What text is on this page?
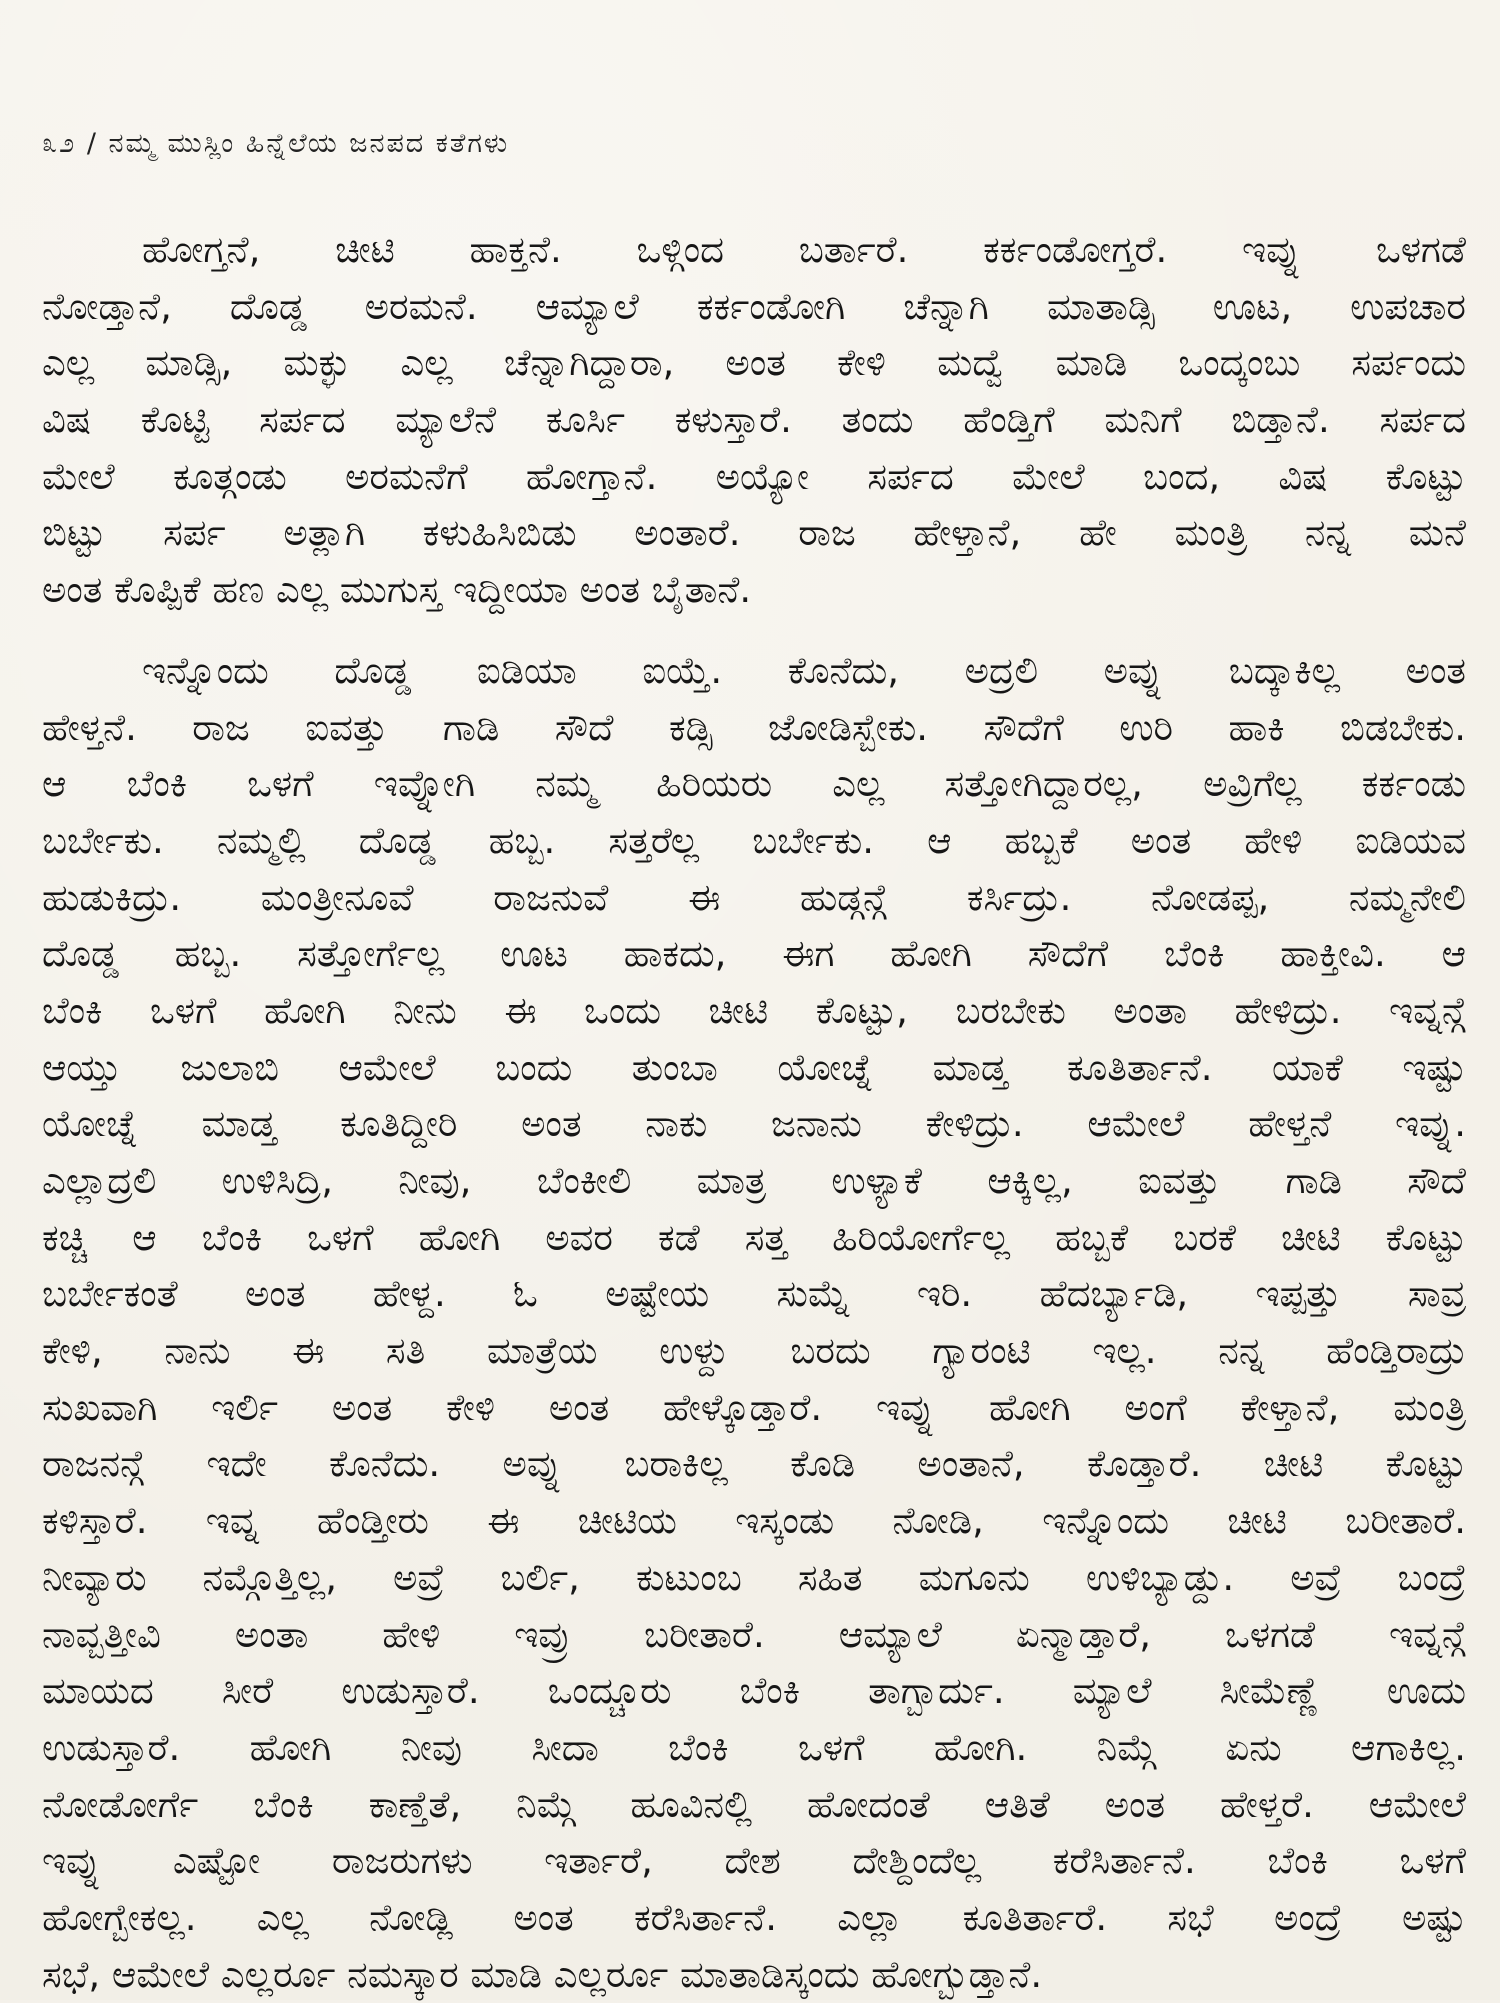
೩೨ / ನಮ್ಮ ಮುಸ್ಲಿಂ ಹಿನ್ನೆಲೆಯ ಜನಪದ ಕತೆಗಳು
ಹೋಗ್ತನೆ, ಚೀಟಿ ಹಾಕ್ತನೆ. ಒಳ್ಗಿಂದ ಬರ್ತಾರೆ. ಕರ್ಕಂಡೋಗ್ತರೆ. ಇವ್ನು ಒಳಗಡೆ
ನೋಡ್ತಾನೆ, ದೊಡ್ಡ ಅರಮನೆ. ಆಮ್ಯಾಲೆ ಕರ್ಕಂಡೋಗಿ ಚೆನ್ನಾಗಿ ಮಾತಾಡ್ಸಿ ಊಟ, ಉಪಚಾರ
ಎಲ್ಲ ಮಾಡ್ಸಿ, ಮಕ್ಳು ಎಲ್ಲ ಚೆನ್ನಾಗಿದ್ದಾರಾ, ಅಂತ ಕೇಳಿ ಮದ್ವೆ ಮಾಡಿ ಒಂದ್ಕಂಬು ಸರ್ಪಂದು
ವಿಷ ಕೊಟ್ಟಿ ಸರ್ಪದ ಮ್ಯಾಲೆನೆ ಕೂರ್ಸಿ ಕಳುಸ್ತಾರೆ. ತಂದು ಹೆಂಡ್ತಿಗೆ ಮನಿಗೆ ಬಿಡ್ತಾನೆ. ಸರ್ಪದ
ಮೇಲೆ ಕೂತ್ಗಂಡು ಅರಮನೆಗೆ ಹೋಗ್ತಾನೆ. ಅಯ್ಯೋ ಸರ್ಪದ ಮೇಲೆ ಬಂದ, ವಿಷ ಕೊಟ್ಟು
ಬಿಟ್ಟು ಸರ್ಪ ಅತ್ಲಾಗಿ ಕಳುಹಿಸಿಬಿಡು ಅಂತಾರೆ. ರಾಜ ಹೇಳ್ತಾನೆ, ಹೇ ಮಂತ್ರಿ ನನ್ನ ಮನೆ
ಅಂತ ಕೊಪ್ಪಿಕೆ ಹಣ ಎಲ್ಲ ಮುಗುಸ್ತ ಇದ್ದೀಯಾ ಅಂತ ಬೈತಾನೆ.
ಇನ್ನೊಂದು ದೊಡ್ಡ ಐಡಿಯಾ ಐಯ್ತೆ. ಕೊನೆದು, ಅದ್ರಲಿ ಅವ್ನು ಬದ್ಕಾಕಿಲ್ಲ ಅಂತ
ಹೇಳ್ತನೆ. ರಾಜ ಐವತ್ತು ಗಾಡಿ ಸೌದೆ ಕಡ್ಸಿ ಜೋಡಿಸ್ಬೇಕು. ಸೌದೆಗೆ ಉರಿ ಹಾಕಿ ಬಿಡಬೇಕು.
ಆ ಬೆಂಕಿ ಒಳಗೆ ಇವ್ನೋಗಿ ನಮ್ಮ ಹಿರಿಯರು ಎಲ್ಲ ಸತ್ತೋಗಿದ್ದಾರಲ್ಲ, ಅವ್ರಿಗೆಲ್ಲ ಕರ್ಕಂಡು
ಬರ್ಬೇಕು. ನಮ್ಮಲ್ಲಿ ದೊಡ್ಡ ಹಬ್ಬ. ಸತ್ತರೆಲ್ಲ ಬರ್ಬೇಕು. ಆ ಹಬ್ಬಕೆ ಅಂತ ಹೇಳಿ ಐಡಿಯವ
ಹುಡುಕಿದ್ರು. ಮಂತ್ರೀನೂವೆ ರಾಜನುವೆ ಈ ಹುಡ್ಗನ್ಗೆ ಕರ್ಸಿದ್ರು. ನೋಡಪ್ಪ, ನಮ್ಮನೇಲಿ
ದೊಡ್ಡ ಹಬ್ಬ. ಸತ್ತೋರ್ಗೆಲ್ಲ ಊಟ ಹಾಕದು, ಈಗ ಹೋಗಿ ಸೌದೆಗೆ ಬೆಂಕಿ ಹಾಕ್ತೀವಿ. ಆ
ಬೆಂಕಿ ಒಳಗೆ ಹೋಗಿ ನೀನು ಈ ಒಂದು ಚೀಟಿ ಕೊಟ್ಟು, ಬರಬೇಕು ಅಂತಾ ಹೇಳಿದ್ರು. ಇವ್ನನ್ಗೆ
ಆಯ್ತು ಜುಲಾಬಿ ಆಮೇಲೆ ಬಂದು ತುಂಬಾ ಯೋಚ್ನೆ ಮಾಡ್ತ ಕೂತಿರ್ತಾನೆ. ಯಾಕೆ ಇಷ್ಟು
ಯೋಚ್ನೆ ಮಾಡ್ತ ಕೂತಿದ್ದೀರಿ ಅಂತ ನಾಕು ಜನಾನು ಕೇಳಿದ್ರು. ಆಮೇಲೆ ಹೇಳ್ತನೆ ಇವ್ನು.
ಎಲ್ಲಾದ್ರಲಿ ಉಳಿಸಿದ್ರಿ, ನೀವು, ಬೆಂಕೀಲಿ ಮಾತ್ರ ಉಳ್ಯಾಕೆ ಆಕ್ಕಿಲ್ಲ, ಐವತ್ತು ಗಾಡಿ ಸೌದೆ
ಕಚ್ಚಿ ಆ ಬೆಂಕಿ ಒಳಗೆ ಹೋಗಿ ಅವರ ಕಡೆ ಸತ್ತ ಹಿರಿಯೋರ್ಗೆಲ್ಲ ಹಬ್ಬಕೆ ಬರಕೆ ಚೀಟಿ ಕೊಟ್ಟು
ಬರ್ಬೇಕಂತೆ ಅಂತ ಹೇಳ್ದ. ಓ ಅಷ್ಟೇಯ ಸುಮ್ನೆ ಇರಿ. ಹೆದರ್ಬ್ಯಾಡಿ, ಇಪ್ಪತ್ತು ಸಾವ್ರ
ಕೇಳಿ, ನಾನು ಈ ಸತಿ ಮಾತ್ರೆಯ ಉಳ್ದು ಬರದು ಗ್ಯಾರಂಟಿ ಇಲ್ಲ. ನನ್ನ ಹೆಂಡ್ತಿರಾದ್ರು
ಸುಖವಾಗಿ ಇರ್ಲಿ ಅಂತ ಕೇಳಿ ಅಂತ ಹೇಳ್ಕೊಡ್ತಾರೆ. ಇವ್ನು ಹೋಗಿ ಅಂಗೆ ಕೇಳ್ತಾನೆ, ಮಂತ್ರಿ
ರಾಜನನ್ಗೆ ಇದೇ ಕೊನೆದು. ಅವ್ನು ಬರಾಕಿಲ್ಲ ಕೊಡಿ ಅಂತಾನೆ, ಕೊಡ್ತಾರೆ. ಚೀಟಿ ಕೊಟ್ಟು
ಕಳಿಸ್ತಾರೆ. ಇವ್ನ ಹೆಂಡ್ತೀರು ಈ ಚೀಟಿಯ ಇಸ್ಕಂಡು ನೋಡಿ, ಇನ್ನೊಂದು ಚೀಟಿ ಬರೀತಾರೆ.
ನೀವ್ಯಾರು ನಮ್ಗೊತ್ತಿಲ್ಲ, ಅವ್ರೆ ಬರ್ಲಿ, ಕುಟುಂಬ ಸಹಿತ ಮಗೂನು ಉಳಿಬ್ಯಾಡ್ದು. ಅವ್ರೆ ಬಂದ್ರೆ
ನಾವ್ಬತ್ತೀವಿ ಅಂತಾ ಹೇಳಿ ಇವ್ರು ಬರೀತಾರೆ. ಆಮ್ಯಾಲೆ ಏನ್ಮಾಡ್ತಾರೆ, ಒಳಗಡೆ ಇವ್ನನ್ಗೆ
ಮಾಯದ ಸೀರೆ ಉಡುಸ್ತಾರೆ. ಒಂದ್ಚೂರು ಬೆಂಕಿ ತಾಗ್ಬಾರ್ದು. ಮ್ಯಾಲೆ ಸೀಮೆಣ್ಣೆ ಊದು
ಉಡುಸ್ತಾರೆ. ಹೋಗಿ ನೀವು ಸೀದಾ ಬೆಂಕಿ ಒಳಗೆ ಹೋಗಿ. ನಿಮ್ಗೆ ಏನು ಆಗಾಕಿಲ್ಲ.
ನೋಡೋರ್ಗೆ ಬೆಂಕಿ ಕಾಣ್ತೆತೆ, ನಿಮ್ಗೆ ಹೂವಿನಲ್ಲಿ ಹೋದಂತೆ ಆತಿತೆ ಅಂತ ಹೇಳ್ತರೆ. ಆಮೇಲೆ
ಇವ್ನು ಎಷ್ಟೋ ರಾಜರುಗಳು ಇರ್ತಾರೆ, ದೇಶ ದೇಶ್ದಿಂದೆಲ್ಲ ಕರೆಸಿರ್ತಾನೆ. ಬೆಂಕಿ ಒಳಗೆ
ಹೋಗ್ಬೇಕಲ್ಲ. ಎಲ್ಲ ನೋಡ್ಲಿ ಅಂತ ಕರೆಸಿರ್ತಾನೆ. ಎಲ್ಲಾ ಕೂತಿರ್ತಾರೆ. ಸಭೆ ಅಂದ್ರೆ ಅಷ್ಟು
ಸಭೆ, ಆಮೇಲೆ ಎಲ್ಲರ್ರೂ ನಮಸ್ಕಾರ ಮಾಡಿ ಎಲ್ಲರ್ರೂ ಮಾತಾಡಿಸ್ಕಂದು ಹೋಗ್ಬುಡ್ತಾನೆ.
